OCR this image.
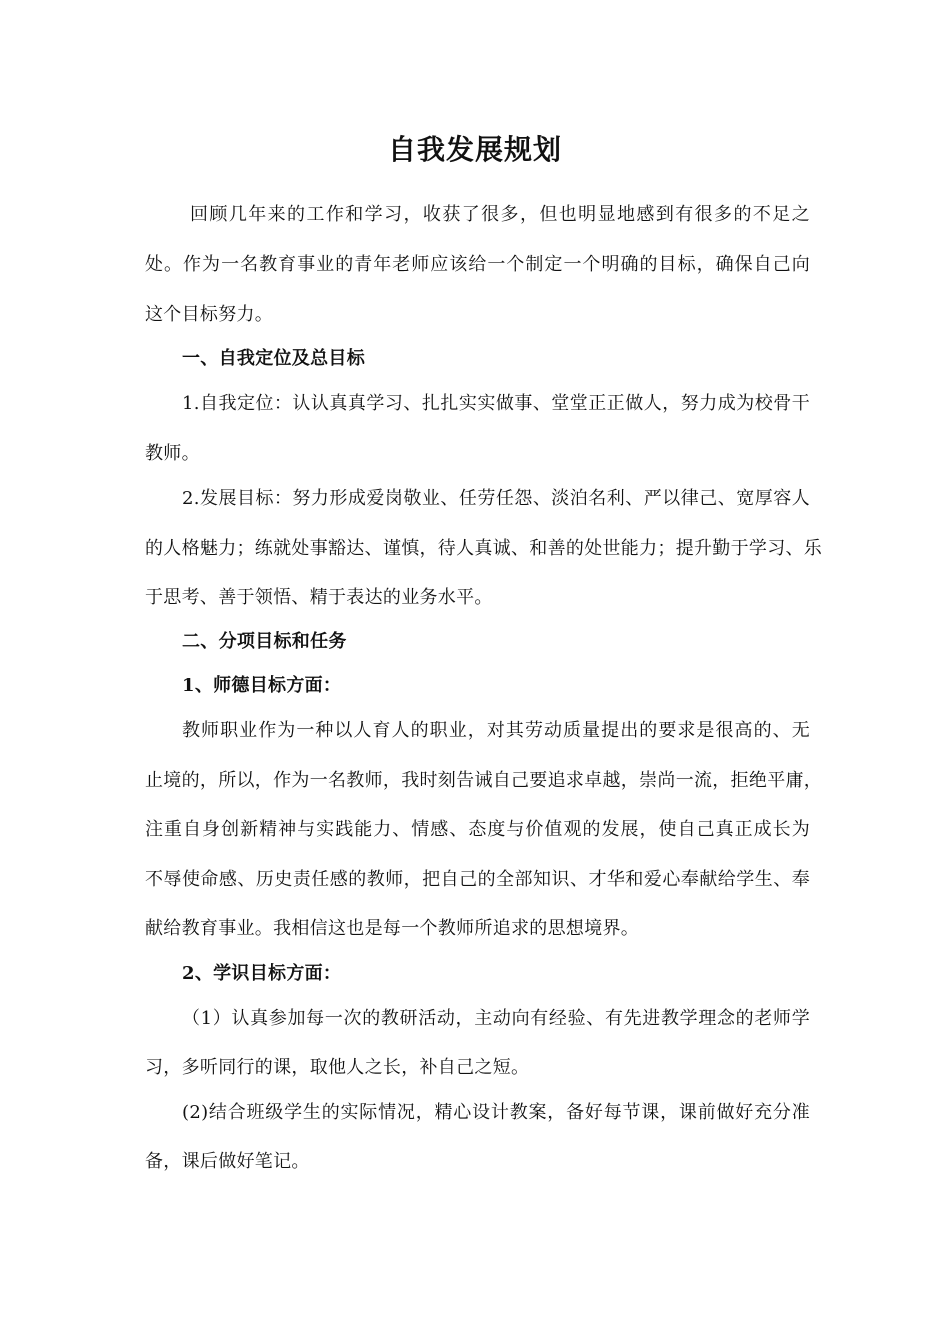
自我发展规划
回顾几年来的工作和学习，收获了很多，但也明显地感到有很多的不足之
处。作为一名教育事业的青年老师应该给一个制定一个明确的目标，确保自己向
这个目标努力。
一、自我定位及总目标
1.自我定位：认认真真学习、扎扎实实做事、堂堂正正做人，努力成为校骨干
教师。
2.发展目标：努力形成爱岗敬业、任劳任怨、淡泊名利、严以律己、宽厚容人
的人格魅力；练就处事豁达、谨慎，待人真诚、和善的处世能力；提升勤于学习、乐
于思考、善于领悟、精于表达的业务水平。
二、分项目标和任务
1、师德目标方面：
教师职业作为一种以人育人的职业，对其劳动质量提出的要求是很高的、无
止境的，所以，作为一名教师，我时刻告诫自己要追求卓越，崇尚一流，拒绝平庸，
注重自身创新精神与实践能力、情感、态度与价值观的发展，使自己真正成长为
不辱使命感、历史责任感的教师，把自己的全部知识、才华和爱心奉献给学生、奉
献给教育事业。我相信这也是每一个教师所追求的思想境界。
2、学识目标方面：
（1）认真参加每一次的教研活动，主动向有经验、有先进教学理念的老师学
习，多听同行的课，取他人之长，补自己之短。
(2)结合班级学生的实际情况，精心设计教案，备好每节课，课前做好充分准
备，课后做好笔记。
